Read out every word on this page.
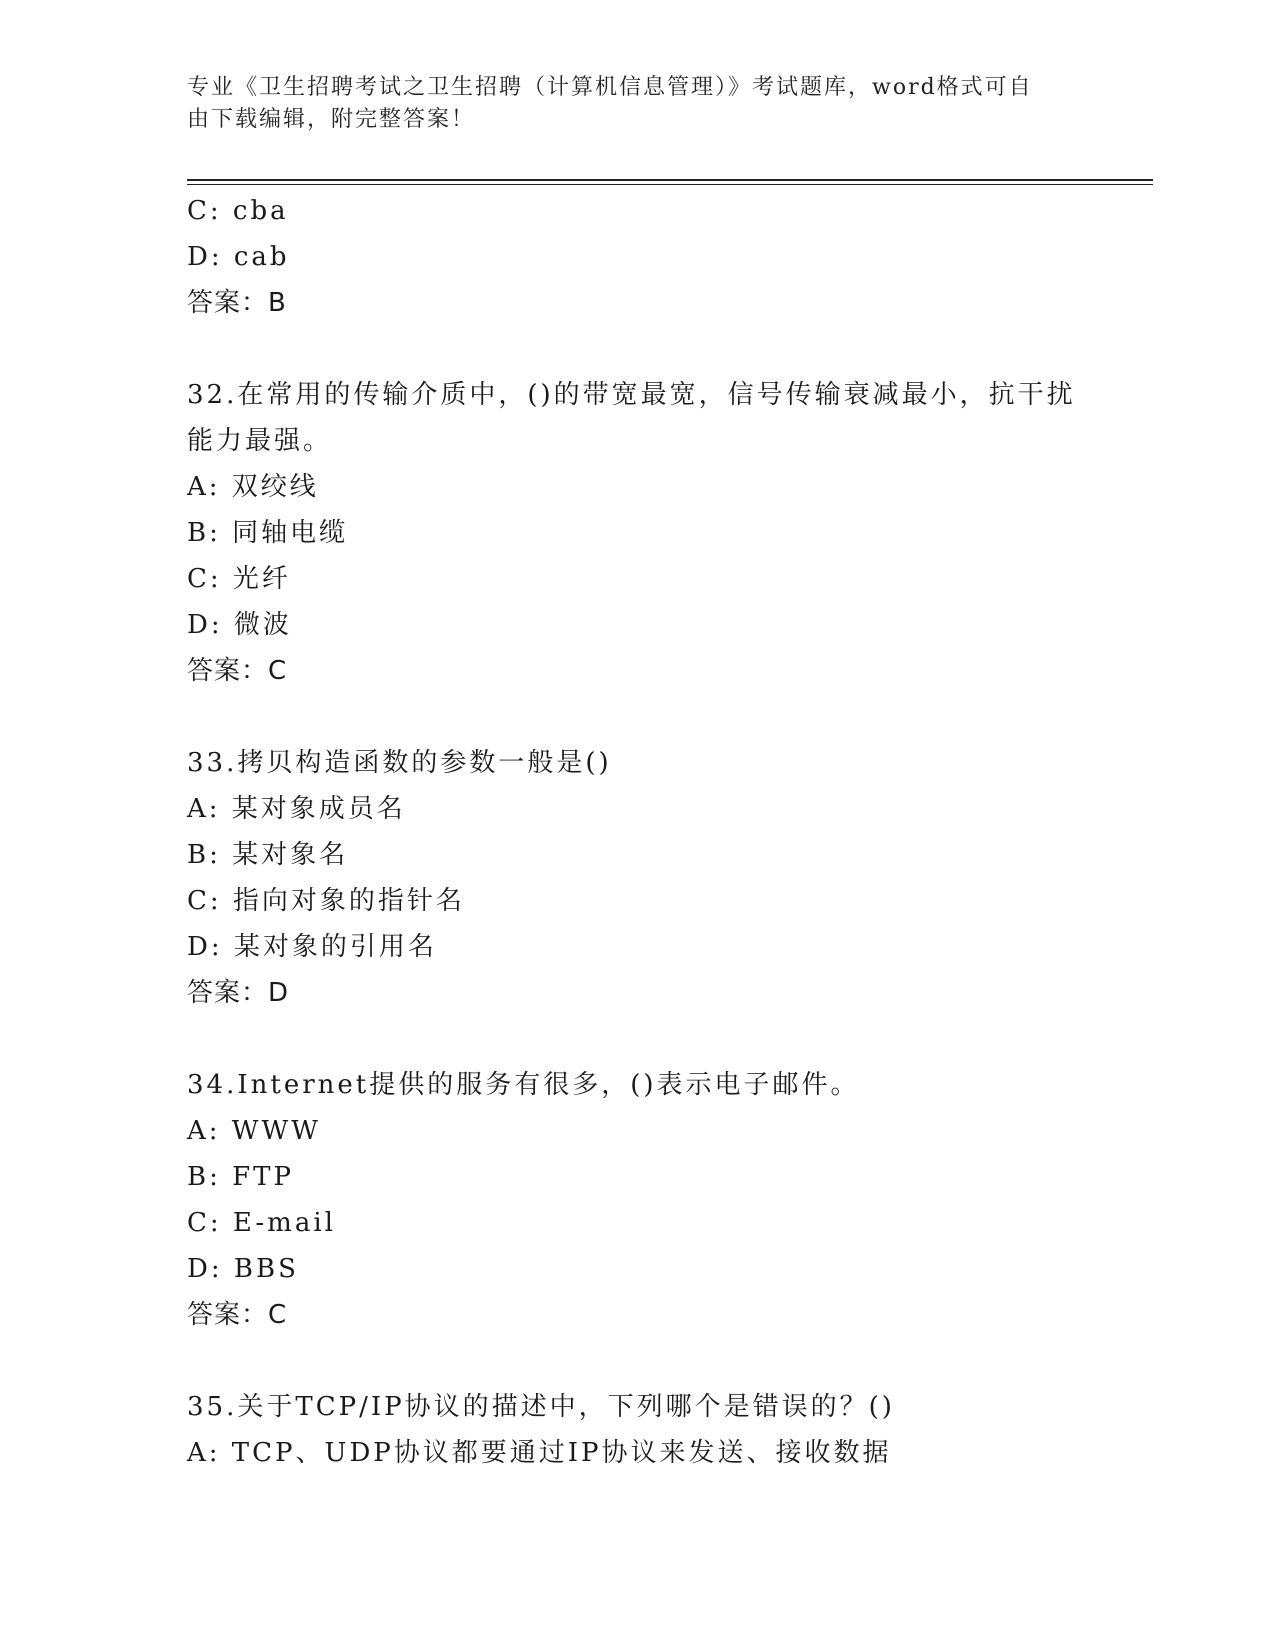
专业《卫生招聘考试之卫生招聘（计算机信息管理）》考试题库，word格式可自
由下载编辑，附完整答案！
C: cba
D: cab
答案：B
32.在常用的传输介质中，()的带宽最宽，信号传输衰减最小，抗干扰
能力最强。
A: 双绞线
B: 同轴电缆
C: 光纤
D: 微波
答案：C
33.拷贝构造函数的参数一般是()
A: 某对象成员名
B: 某对象名
C: 指向对象的指针名
D: 某对象的引用名
答案：D
34.Internet提供的服务有很多，()表示电子邮件。
A: WWW
B: FTP
C: E-mail
D: BBS
答案：C
35.关于TCP/IP协议的描述中，下列哪个是错误的？()
A: TCP、UDP协议都要通过IP协议来发送、接收数据
